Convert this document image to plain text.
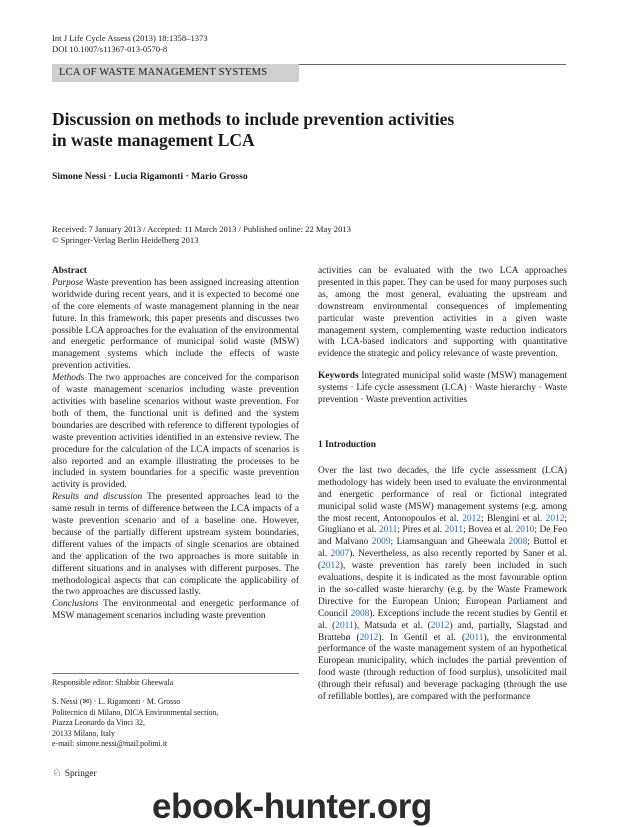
Int J Life Cycle Assess (2013) 18:1358–1373
DOI 10.1007/s11367-013-0570-8
LCA OF WASTE MANAGEMENT SYSTEMS
Discussion on methods to include prevention activities
in waste management LCA
Simone Nessi · Lucia Rigamonti · Mario Grosso
Received: 7 January 2013 / Accepted: 11 March 2013 / Published online: 22 May 2013
© Springer-Verlag Berlin Heidelberg 2013

Abstract

Purpose Waste prevention has been assigned increasing attention worldwide during recent years, and it is expected to become one of the core elements of waste management planning in the near future. In this framework, this paper presents and discusses two possible LCA approaches for the evaluation of the environmental and energetic performance of municipal solid waste (MSW) management systems which include the effects of waste prevention activities.

Methods The two approaches are conceived for the comparison of waste management scenarios including waste prevention activities with baseline scenarios without waste prevention. For both of them, the functional unit is defined and the system boundaries are described with reference to different typologies of waste prevention activities identified in an extensive review. The procedure for the calculation of the LCA impacts of scenarios is also reported and an example illustrating the processes to be included in system boundaries for a specific waste prevention activity is provided.

Results and discussion The presented approaches lead to the same result in terms of difference between the LCA impacts of a waste prevention scenario and of a baseline one. However, because of the partially different upstream system boundaries, different values of the impacts of single scenarios are obtained and the application of the two approaches is more suitable in different situations and in analyses with different purposes. The methodological aspects that can complicate the applicability of the two approaches are discussed lastly.

Conclusions The environmental and energetic performance of MSW management scenarios including waste prevention

activities can be evaluated with the two LCA approaches presented in this paper. They can be used for many purposes such as, among the most general, evaluating the upstream and downstream environmental consequences of implementing particular waste prevention activities in a given waste management system, complementing waste reduction indicators with LCA-based indicators and supporting with quantitative evidence the strategic and policy relevance of waste prevention.

Keywords Integrated municipal solid waste (MSW) management systems · Life cycle assessment (LCA) · Waste hierarchy · Waste prevention · Waste prevention activities

1 Introduction

Over the last two decades, the life cycle assessment (LCA) methodology has widely been used to evaluate the environmental and energetic performance of real or fictional integrated municipal solid waste (MSW) management systems (e.g. among the most recent, Antonopoulos et al. 2012; Blengini et al. 2012; Giugliano et al. 2011; Pires et al. 2011; Bovea et al. 2010; De Feo and Malvano 2009; Liamsanguan and Gheewala 2008; Buttol et al. 2007). Nevertheless, as also recently reported by Saner et al. (2012), waste prevention has rarely been included in such evaluations, despite it is indicated as the most favourable option in the so-called waste hierarchy (e.g. by the Waste Framework Directive for the European Union; European Parliament and Council 2008). Exceptions include the recent studies by Gentil et al. (2011), Matsuda et al. (2012) and, partially, Slagstad and Brattebø (2012). In Gentil et al. (2011), the environmental performance of the waste management system of an hypothetical European municipality, which includes the partial prevention of food waste (through reduction of food surplus), unsolicited mail (through their refusal) and beverage packaging (through the use of refillable bottles), are compared with the performance

Responsible editor: Shabbir Gheewala
S. Nessi (✉) · L. Rigamonti · M. Grosso
Politecnico di Milano, DICA Environmental section,
Piazza Leonardo da Vinci 32,
20133 Milano, Italy
e-mail: simone.nessi@mail.polimi.it
♘ Springer
ebook-hunter.org
